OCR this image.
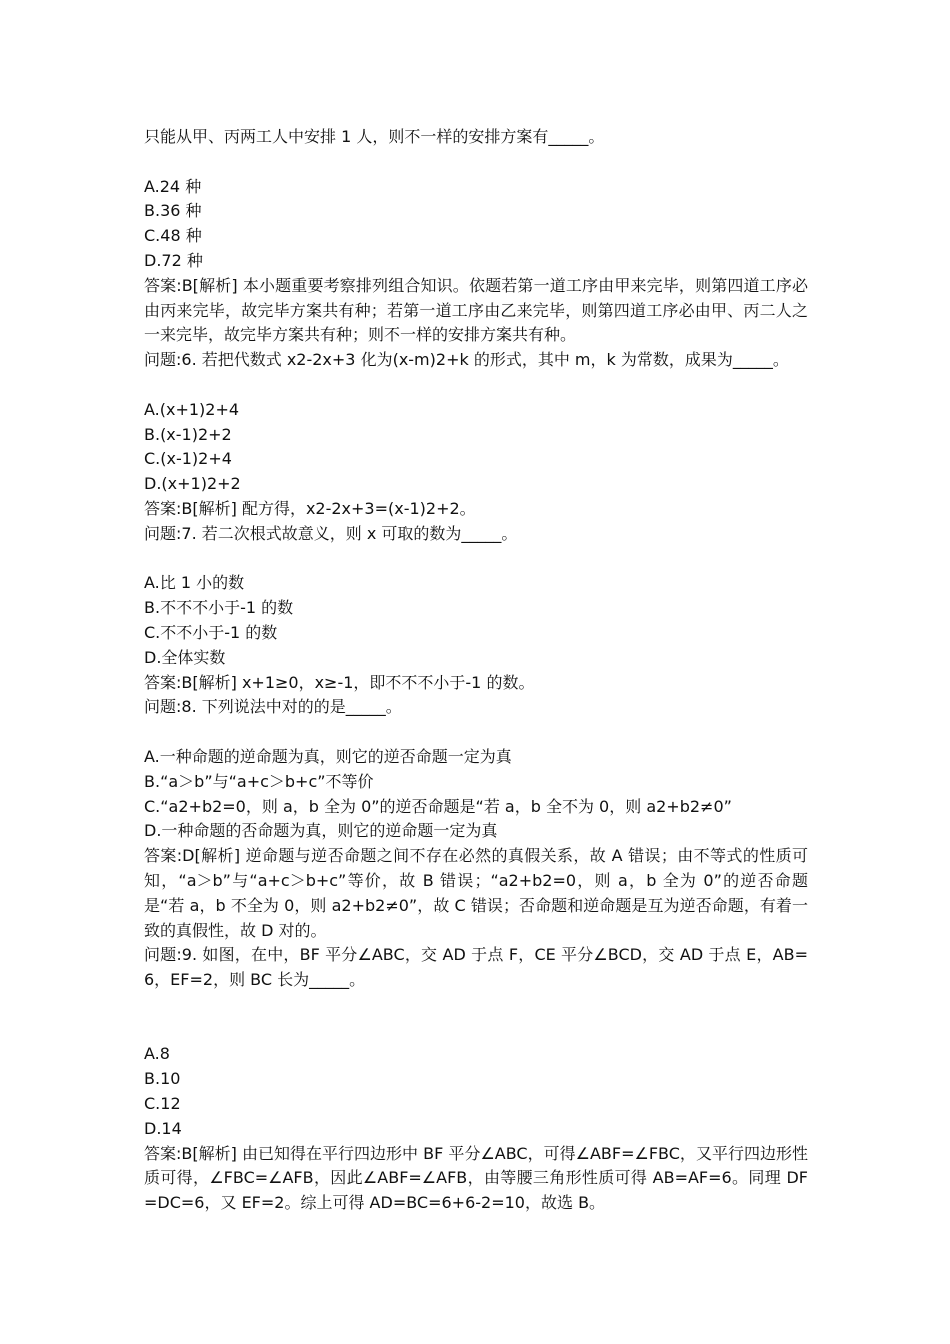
只能从甲、丙两工人中安排 1 人，则不一样的安排方案有_____。

A.24 种

B.36 种

C.48 种

D.72 种

答案:B[解析] 本小题重要考察排列组合知识。依题若第一道工序由甲来完毕，则第四道工序必由丙来完毕，故完毕方案共有种；若第一道工序由乙来完毕，则第四道工序必由甲、丙二人之一来完毕，故完毕方案共有种；则不一样的安排方案共有种。

问题:6. 若把代数式 x2-2x+3 化为(x-m)2+k 的形式，其中 m，k 为常数，成果为_____。

A.(x+1)2+4

B.(x-1)2+2

C.(x-1)2+4

D.(x+1)2+2

答案:B[解析] 配方得，x2-2x+3=(x-1)2+2。

问题:7. 若二次根式故意义，则 x 可取的数为_____。

A.比 1 小的数

B.不不不小于-1 的数

C.不不小于-1 的数

D.全体实数

答案:B[解析] x+1≥0，x≥-1，即不不不小于-1 的数。

问题:8. 下列说法中对的的是_____。

A.一种命题的逆命题为真，则它的逆否命题一定为真

B.“a＞b”与“a+c＞b+c”不等价

C.“a2+b2=0，则 a，b 全为 0”的逆否命题是“若 a，b 全不为 0，则 a2+b2≠0”

D.一种命题的否命题为真，则它的逆命题一定为真

答案:D[解析] 逆命题与逆否命题之间不存在必然的真假关系，故 A 错误；由不等式的性质可知，“a＞b”与“a+c＞b+c”等价，故 B 错误；“a2+b2=0，则 a，b 全为 0”的逆否命题是“若 a，b 不全为 0，则 a2+b2≠0”，故 C 错误；否命题和逆命题是互为逆否命题，有着一致的真假性，故 D 对的。

问题:9. 如图，在中，BF 平分∠ABC，交 AD 于点 F，CE 平分∠BCD，交 AD 于点 E，AB=6，EF=2，则 BC 长为_____。

A.8

B.10

C.12

D.14

答案:B[解析] 由已知得在平行四边形中 BF 平分∠ABC，可得∠ABF=∠FBC，又平行四边形性质可得，∠FBC=∠AFB，因此∠ABF=∠AFB，由等腰三角形性质可得 AB=AF=6。同理 DF=DC=6，又 EF=2。综上可得 AD=BC=6+6-2=10，故选 B。
